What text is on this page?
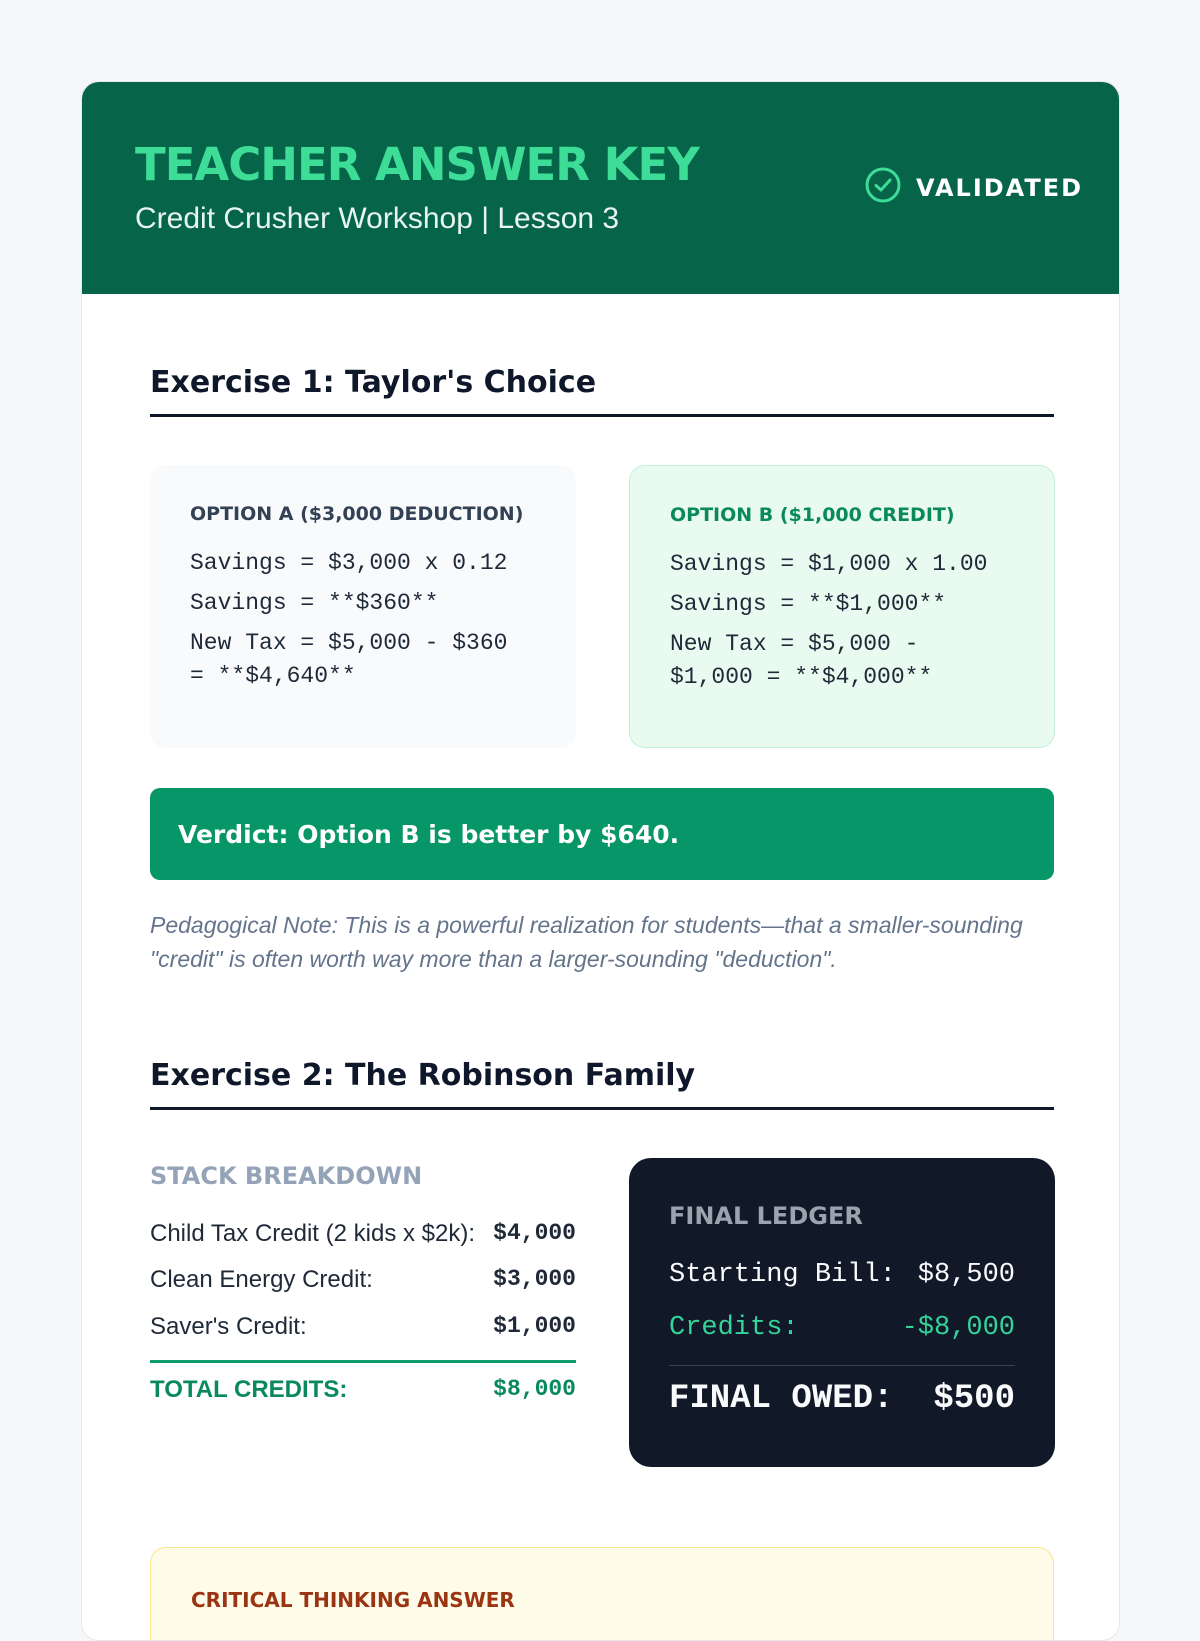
TEACHER ANSWER KEY
Credit Crusher Workshop | Lesson 3
VALIDATED
Exercise 1: Taylor's Choice
OPTION A ($3,000 DEDUCTION)
Savings = $3,000 x 0.12
Savings = **$360**
New Tax = $5,000 - $360
= **$4,640**
OPTION B ($1,000 CREDIT)
Savings = $1,000 x 1.00
Savings = **$1,000**
New Tax = $5,000 -
$1,000 = **$4,000**
Verdict: Option B is better by $640.
Pedagogical Note: This is a powerful realization for students—that a smaller-sounding "credit" is often worth way more than a larger-sounding "deduction".
Exercise 2: The Robinson Family
STACK BREAKDOWN
Child Tax Credit (2 kids x $2k): $4,000
Clean Energy Credit:	$3,000
Saver's Credit:	$1,000
TOTAL CREDITS:	$8,000
FINAL LEDGER
Starting Bill: $8,500
Credits:	-$8,000
FINAL OWED: $500
CRITICAL THINKING ANSWER
